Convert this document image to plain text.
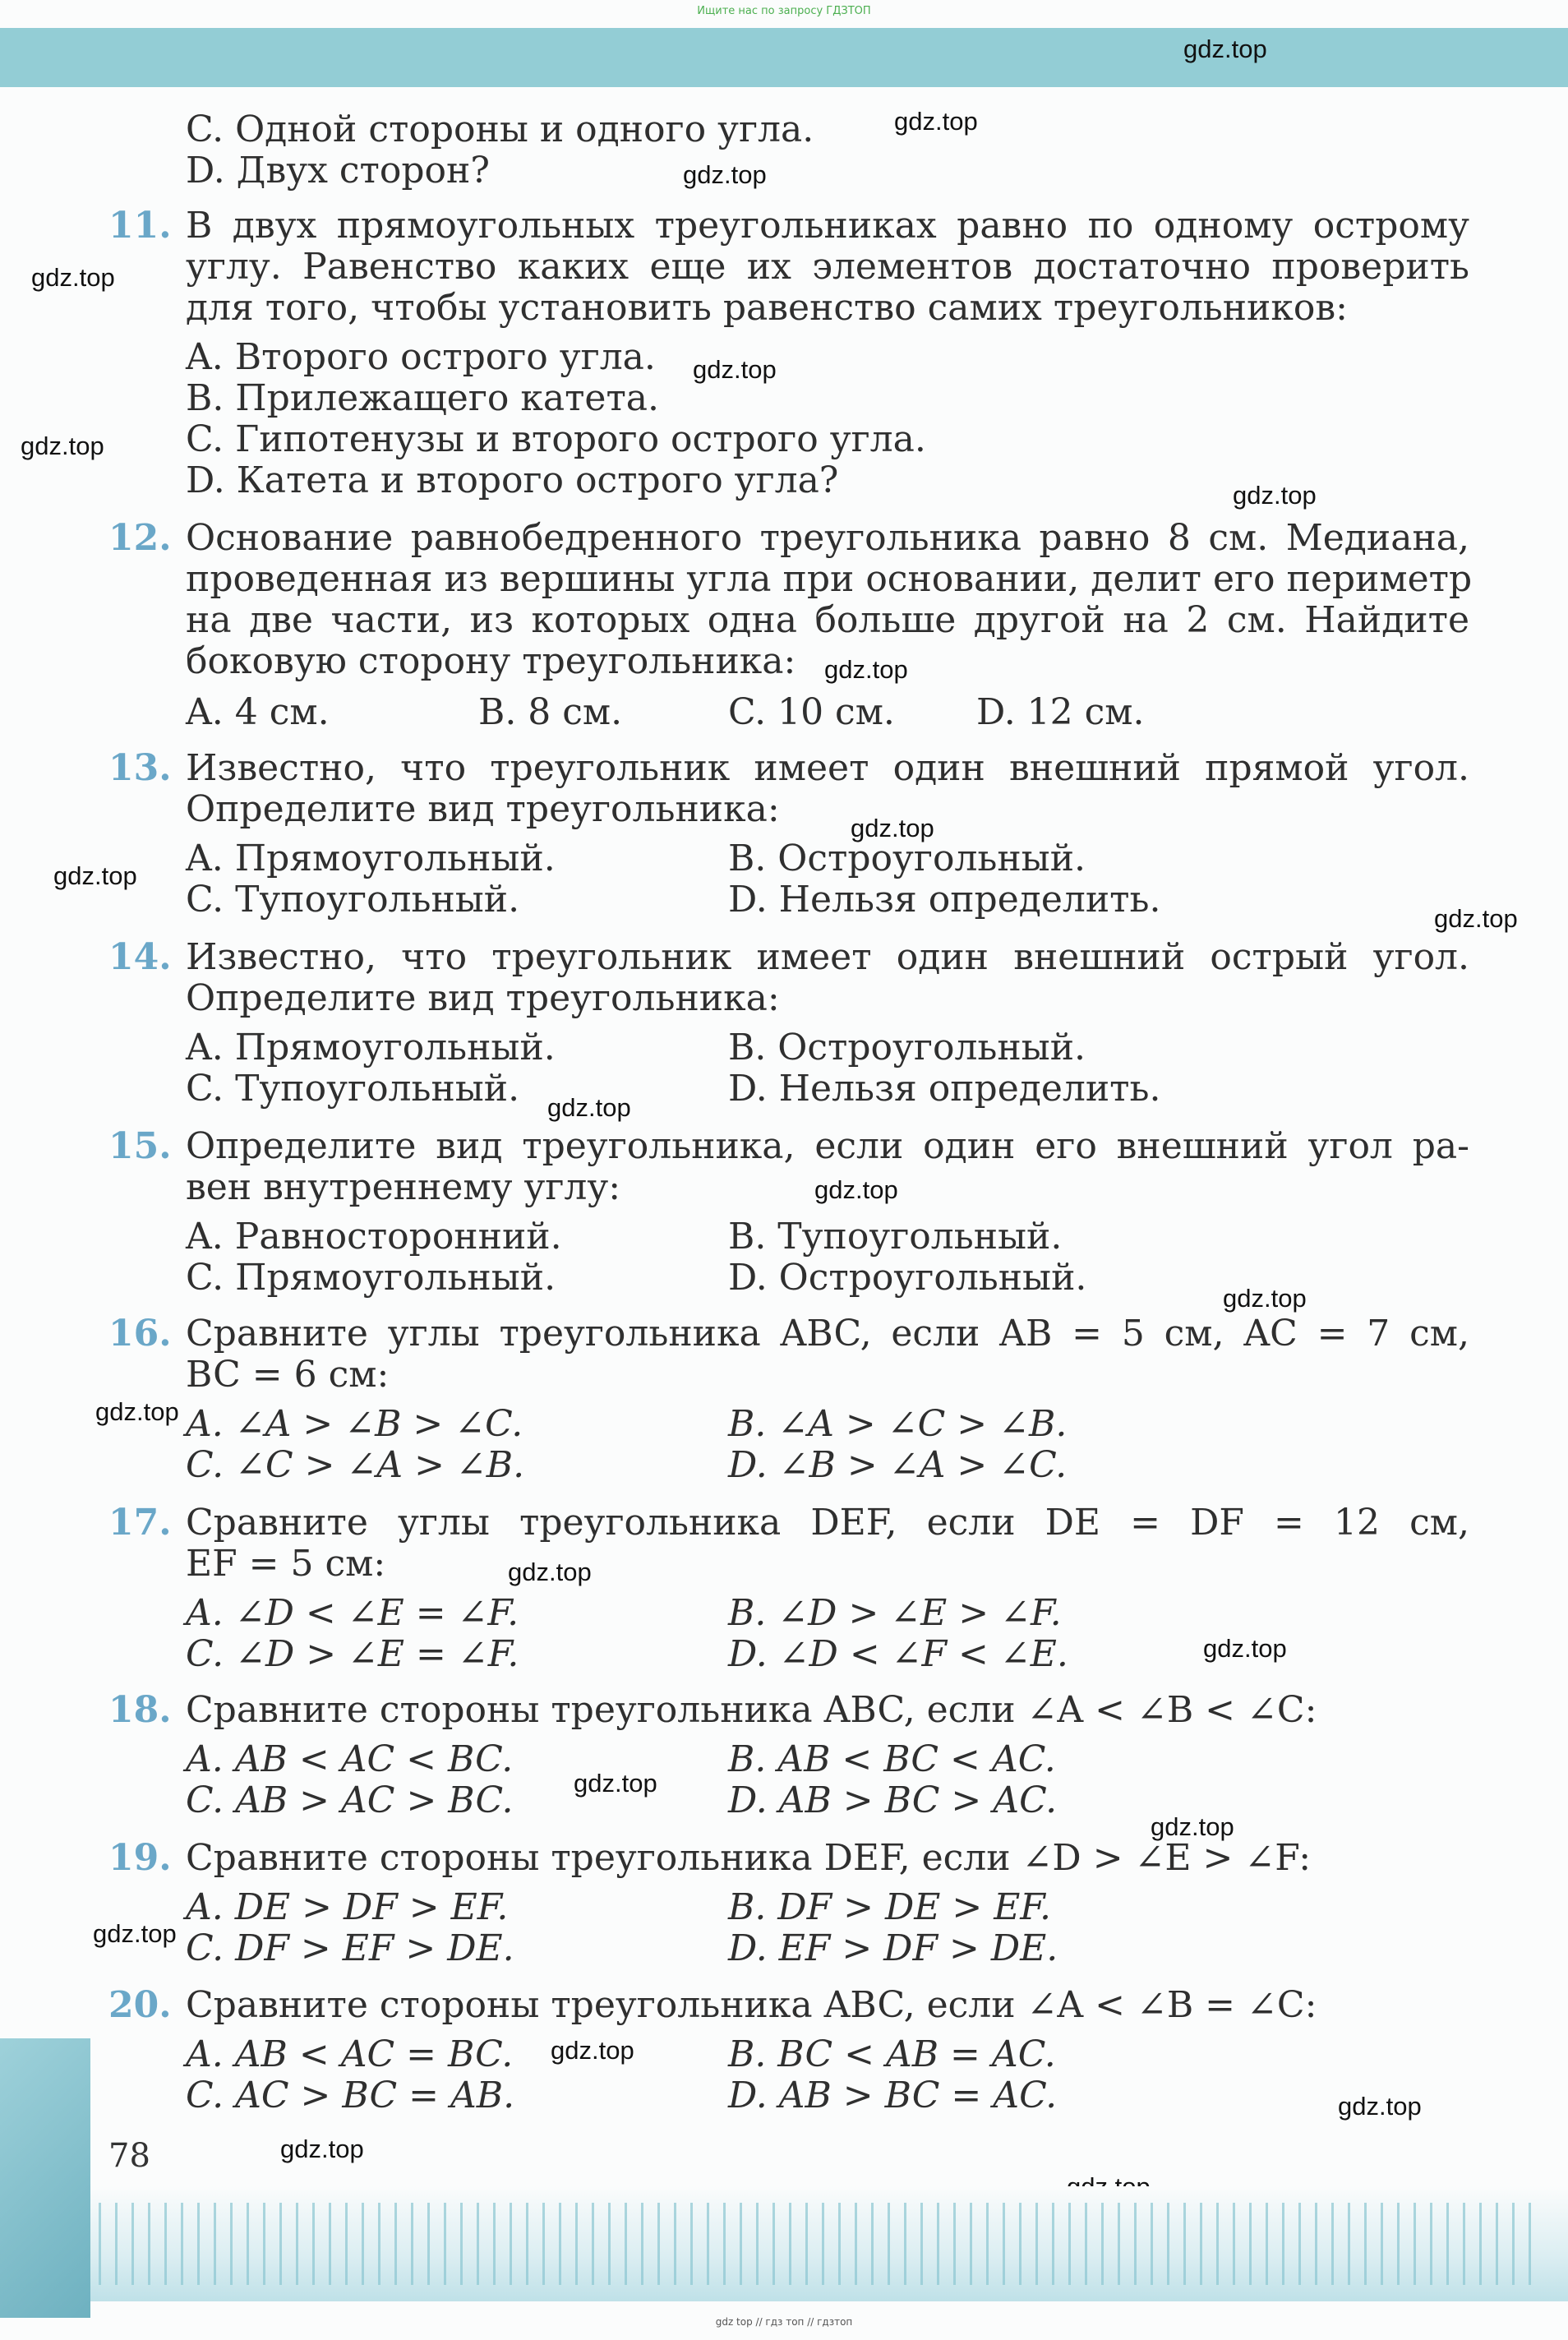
Ищите нас по запросу ГДЗТОП
gdz.top
gdz.top
gdz.top
gdz.top
gdz.top
gdz.top
gdz.top
gdz.top
gdz.top
gdz.top
gdz.top
gdz.top
gdz.top
gdz.top
gdz.top
gdz.top
gdz.top
gdz.top
gdz.top
gdz.top
gdz.top
gdz.top
gdz.top
C. Одной стороны и одного угла.
D. Двух сторон?
11. В двух прямоугольных треугольниках равно по одному острому
углу. Равенство каких еще их элементов достаточно проверить
для того, чтобы установить равенство самих треугольников:
A. Второго острого угла.
B. Прилежащего катета.
C. Гипотенузы и второго острого угла.
D. Катета и второго острого угла?
12. Основание равнобедренного треугольника равно 8 см. Медиана,
проведенная из вершины угла при основании, делит его периметр
на две части, из которых одна больше другой на 2 см. Найдите
боковую сторону треугольника:
A. 4 см.	B. 8 см.	C. 10 см. D. 12 см.
13. Известно, что треугольник имеет один внешний прямой угол.
Определите вид треугольника:
A. Прямоугольный.	B. Остроугольный.
C. Тупоугольный.	D. Нельзя определить.
14. Известно, что треугольник имеет один внешний острый угол.
Определите вид треугольника:
A. Прямоугольный.	B. Остроугольный.
C. Тупоугольный.	D. Нельзя определить.
15. Определите вид треугольника, если один его внешний угол ра-
вен внутреннему углу:
A. Равносторонний.	B. Тупоугольный.
C. Прямоугольный.	D. Остроугольный.
16. Сравните углы треугольника ABC, если AB = 5 см, AC = 7 см,
BC = 6 см:
A. ∠A > ∠B > ∠C.	B. ∠A > ∠C > ∠B.
C. ∠C > ∠A > ∠B.	D. ∠B > ∠A > ∠C.
17. Сравните углы треугольника DEF, если DE = DF = 12 см,
EF = 5 см:
A. ∠D < ∠E = ∠F.	B. ∠D > ∠E > ∠F.
C. ∠D > ∠E = ∠F.	D. ∠D < ∠F < ∠E.
18. Сравните стороны треугольника ABC, если ∠A < ∠B < ∠C:
A. AB < AC < BC.	B. AB < BC < AC.
C. AB > AC > BC.	D. AB > BC > AC.
19. Сравните стороны треугольника DEF, если ∠D > ∠E > ∠F:
A. DE > DF > EF.	B. DF > DE > EF.
C. DF > EF > DE.	D. EF > DF > DE.
20. Сравните стороны треугольника ABC, если ∠A < ∠B = ∠C:
A. AB < AC = BC.	B. BC < AB = AC.
C. AC > BC = AB.	D. AB > BC = AC.
78
gdz top // гдз топ // гдзтоп
